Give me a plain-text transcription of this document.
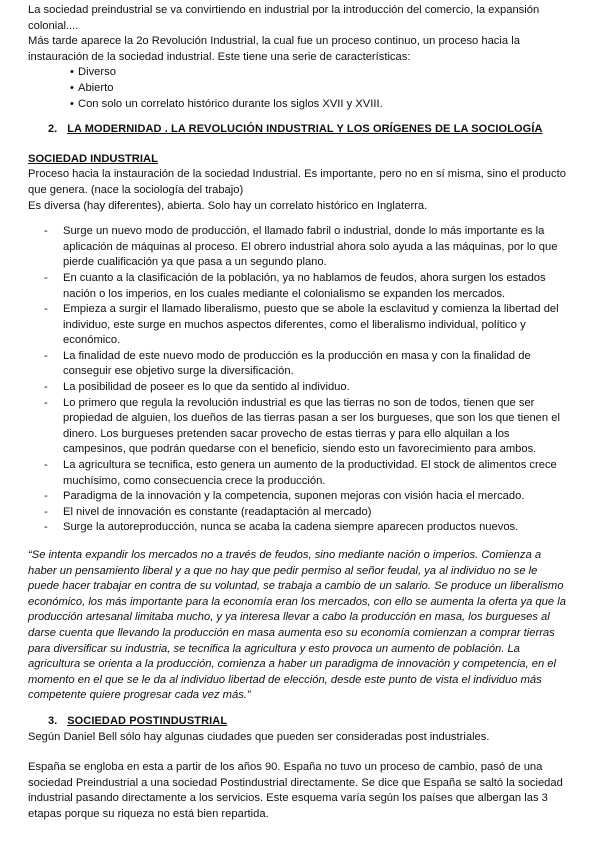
La sociedad preindustrial se va convirtiendo en industrial por la introducción del comercio, la expansión colonial....

Más tarde aparece la 2o Revolución Industrial, la cual fue un proceso continuo, un proceso hacia la instauración de la sociedad industrial. Este tiene una serie de características:

• Diverso
• Abierto
• Con solo un correlato histórico durante los siglos XVII y XVIII.
2. LA MODERNIDAD . LA REVOLUCIÓN INDUSTRIAL Y LOS ORÍGENES DE LA SOCIOLOGÍA

SOCIEDAD INDUSTRIAL

Proceso hacia la instauración de la sociedad Industrial. Es importante, pero no en sí misma, sino el producto que genera. (nace la sociología del trabajo)

Es diversa (hay diferentes), abierta. Solo hay un correlato histórico en Inglaterra.

- Surge un nuevo modo de producción, el llamado fabril o industrial, donde lo más importante es la aplicación de máquinas al proceso. El obrero industrial ahora solo ayuda a las máquinas, por lo que pierde cualificación ya que pasa a un segundo plano.
- En cuanto a la clasificación de la población, ya no hablamos de feudos, ahora surgen los estados nación o los imperios, en los cuales mediante el colonialismo se expanden los mercados.
- Empieza a surgir el llamado liberalismo, puesto que se abole la esclavitud y comienza la libertad del individuo, este surge en muchos aspectos diferentes, como el liberalismo individual, político y económico.
- La finalidad de este nuevo modo de producción es la producción en masa y con la finalidad de conseguir ese objetivo surge la diversificación.
- La posibilidad de poseer es lo que da sentido al individuo.
- Lo primero que regula la revolución industrial es que las tierras no son de todos, tienen que ser propiedad de alguien, los dueños de las tierras pasan a ser los burgueses, que son los que tienen el dinero. Los burgueses pretenden sacar provecho de estas tierras y para ello alquilan a los campesinos, que podrán quedarse con el beneficio, siendo esto un favorecimiento para ambos.
- La agricultura se tecnifica, esto genera un aumento de la productividad. El stock de alimentos crece muchísimo, como consecuencia crece la producción.
- Paradigma de la innovación y la competencia, suponen mejoras con visión hacia el mercado.
- El nivel de innovación es constante (readaptación al mercado)
- Surge la autoreproducción, nunca se acaba la cadena siempre aparecen productos nuevos.

“Se intenta expandir los mercados no a través de feudos, sino mediante nación o imperios. Comienza a haber un pensamiento liberal y a que no hay que pedir permiso al señor feudal, ya al individuo no se le puede hacer trabajar en contra de su voluntad, se trabaja a cambio de un salario. Se produce un liberalismo económico, los más importante para la economía eran los mercados, con ello se aumenta la oferta ya que la producción artesanal limitaba mucho, y ya interesa llevar a cabo la producción en masa, los burgueses al darse cuenta que llevando la producción en masa aumenta eso su economía comienzan a comprar tierras para diversificar su industria, se tecnifica la agricultura y esto provoca un aumento de población. La agricultura se orienta a la producción, comienza a haber un paradigma de innovación y competencia, en el momento en el que se le da al individuo libertad de elección, desde este punto de vista el individuo más competente quiere progresar cada vez más.”

3. SOCIEDAD POSTINDUSTRIAL

Según Daniel Bell sólo hay algunas ciudades que pueden ser consideradas post industriales.

España se engloba en esta a partir de los años 90. España no tuvo un proceso de cambio, pasó de una sociedad Preindustrial a una sociedad Postindustrial directamente. Se dice que España se saltó la sociedad industrial pasando directamente a los servicios. Este esquema varía según los países que albergan las 3 etapas porque su riqueza no está bien repartida.
